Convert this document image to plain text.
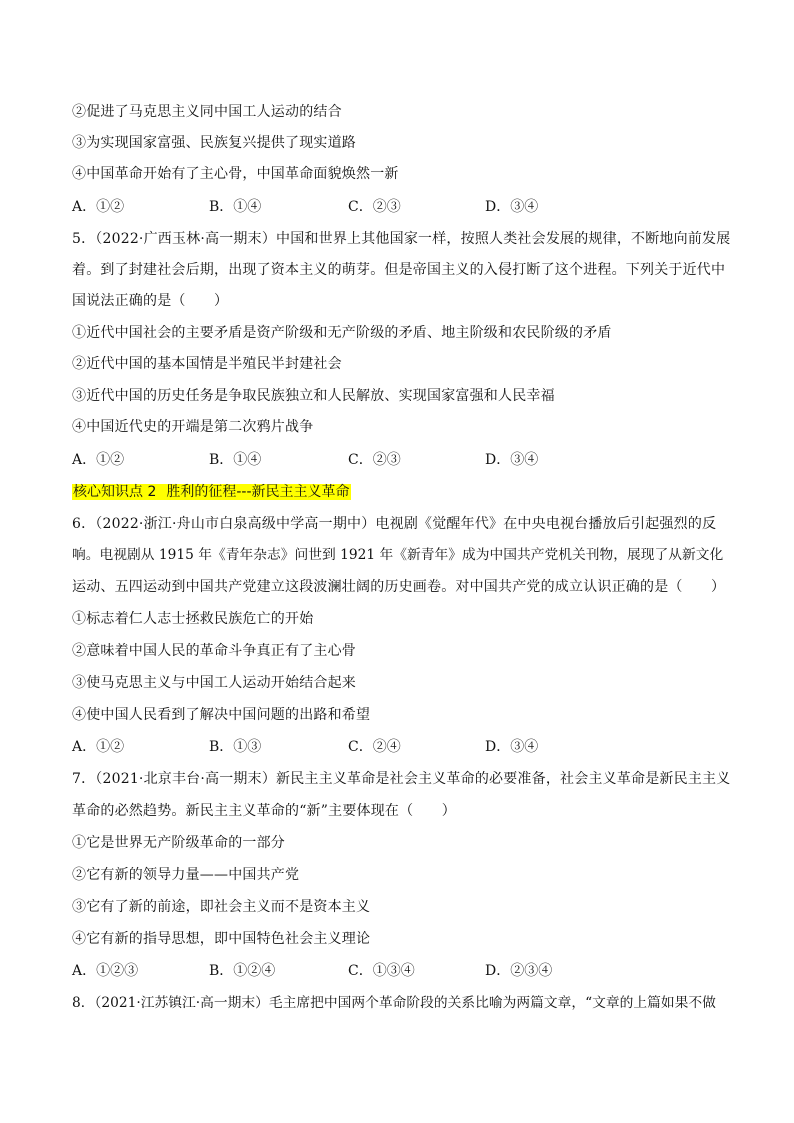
②促进了马克思主义同中国工人运动的结合
③为实现国家富强、民族复兴提供了现实道路
④中国革命开始有了主心骨，中国革命面貌焕然一新
A．①②	B．①④	C．②③	D．③④
5．（2022·广西玉林·高一期末）中国和世界上其他国家一样，按照人类社会发展的规律，不断地向前发展
着。到了封建社会后期，出现了资本主义的萌芽。但是帝国主义的入侵打断了这个进程。下列关于近代中
国说法正确的是（　　）
①近代中国社会的主要矛盾是资产阶级和无产阶级的矛盾、地主阶级和农民阶级的矛盾
②近代中国的基本国情是半殖民半封建社会
③近代中国的历史任务是争取民族独立和人民解放、实现国家富强和人民幸福
④中国近代史的开端是第二次鸦片战争
A．①②	B．①④	C．②③	D．③④
核心知识点 2 胜利的征程---新民主主义革命
6．（2022·浙江·舟山市白泉高级中学高一期中）电视剧《觉醒年代》在中央电视台播放后引起强烈的反
响。电视剧从 1915 年《青年杂志》问世到 1921 年《新青年》成为中国共产党机关刊物，展现了从新文化
运动、五四运动到中国共产党建立这段波澜壮阔的历史画卷。对中国共产党的成立认识正确的是（　　）
①标志着仁人志士拯救民族危亡的开始
②意味着中国人民的革命斗争真正有了主心骨
③使马克思主义与中国工人运动开始结合起来
④使中国人民看到了解决中国问题的出路和希望
A．①②	B．①③	C．②④	D．③④
7．（2021·北京丰台·高一期末）新民主主义革命是社会主义革命的必要准备，社会主义革命是新民主主义
革命的必然趋势。新民主主义革命的“新”主要体现在（　　）
①它是世界无产阶级革命的一部分
②它有新的领导力量——中国共产党
③它有了新的前途，即社会主义而不是资本主义
④它有新的指导思想，即中国特色社会主义理论
A．①②③	B．①②④	C．①③④	D．②③④
8．（2021·江苏镇江·高一期末）毛主席把中国两个革命阶段的关系比喻为两篇文章，“文章的上篇如果不做
